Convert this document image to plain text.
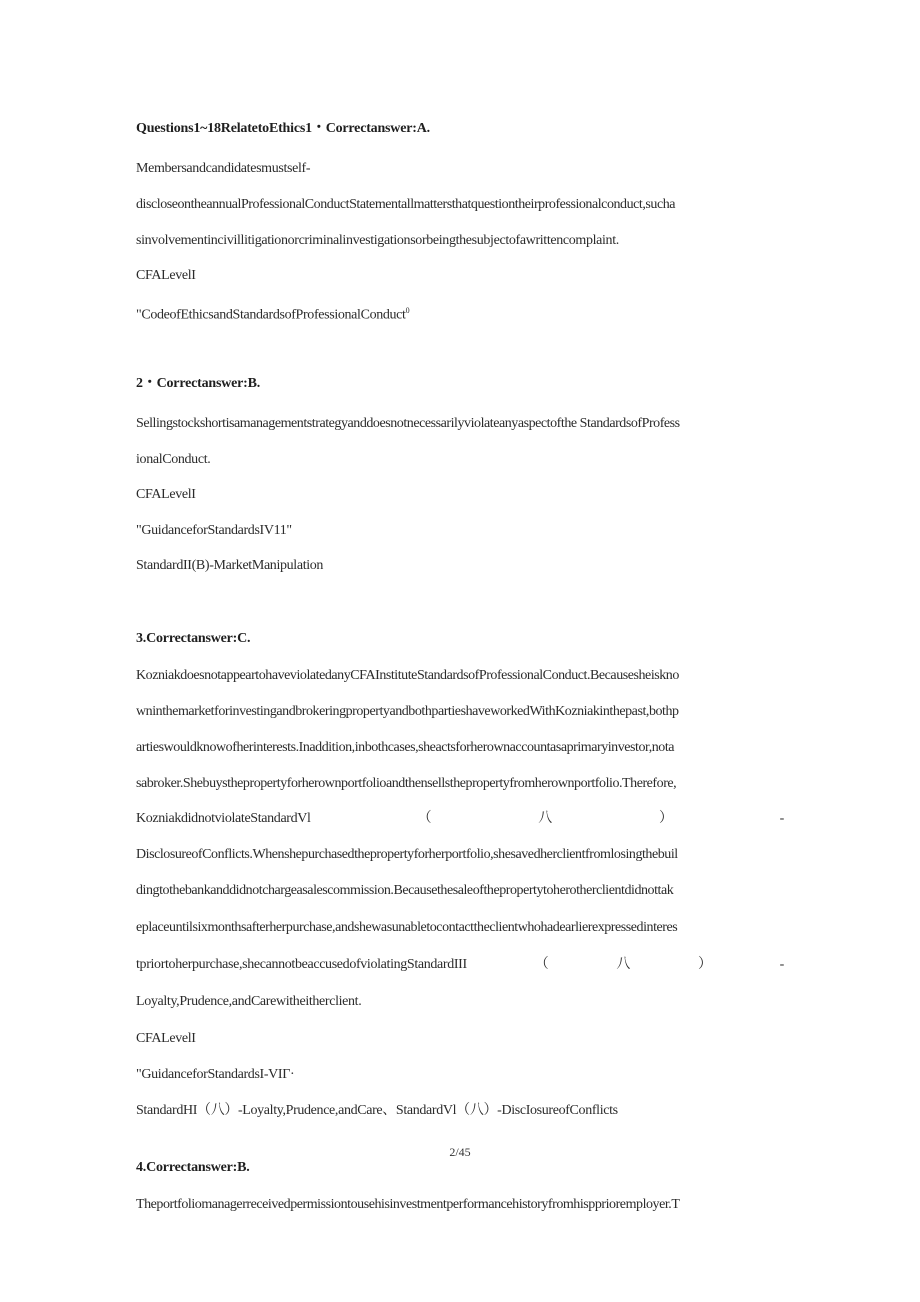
Questions1~18RelatetoEthics1・Correctanswer:A.
Membersandcandidatesmustself-
discloseontheannualProfessionalConductStatementallmattersthatquestiontheirprofessionalconduct,sucha
sinvolvementincivillitigationorcriminalinvestigationsorbeingthesubjectofawrittencomplaint.
CFALevelI
"CodeofEthicsandStandardsofProfessionalConduct$^0$
2・Correctanswer:B.
Sellingstockshortisamanagementstrategyanddoesnotnecessarilyviolateanyaspectofthe StandardsofProfess
ionalConduct.
CFALevelI
"GuidanceforStandardsIV11"
StandardII(B)-MarketManipulation
3.Correctanswer:C.
KozniakdoesnotappeartohaveviolatedanyCFAInstituteStandardsofProfessionalConduct.Becausesheiskno
wninthemarketforinvestingandbrokeringpropertyandbothpartieshaveworkedWithKozniakinthepast,bothp
artieswouldknowofherinterests.Inaddition,inbothcases,sheactsforherownaccountasaprimaryinvestor,nota
sabroker.Shebuysthepropertyforherownportfolioandthensellsthepropertyfromherownportfolio.Therefore,
KozniakdidnotviolateStandardVl	（	八	）	-
DisclosureofConflicts.Whenshepurchasedthepropertyforherportfolio,shesavedherclientfromlosingthebuil
dingtothebankanddidnotchargeasalescommission.Becausethesaleofthepropertytoherotherclientdidnottak
eplaceuntilsixmonthsafterherpurchase,andshewasunabletocontacttheclientwhohadearlierexpressedinteres
tpriortoherpurchase,shecannotbeaccusedofviolatingStandardIII	（	八	）	-
Loyalty,Prudence,andCarewitheitherclient.
CFALevelI
"GuidanceforStandardsI-VIΓ·
StandardHI（八）-Loyalty,Prudence,andCare、StandardVl（八）-DiscIosureofConflicts
2/45
4.Correctanswer:B.
Theportfoliomanagerreceivedpermissiontousehisinvestmentperformancehistoryfromhispprioremployer.T
